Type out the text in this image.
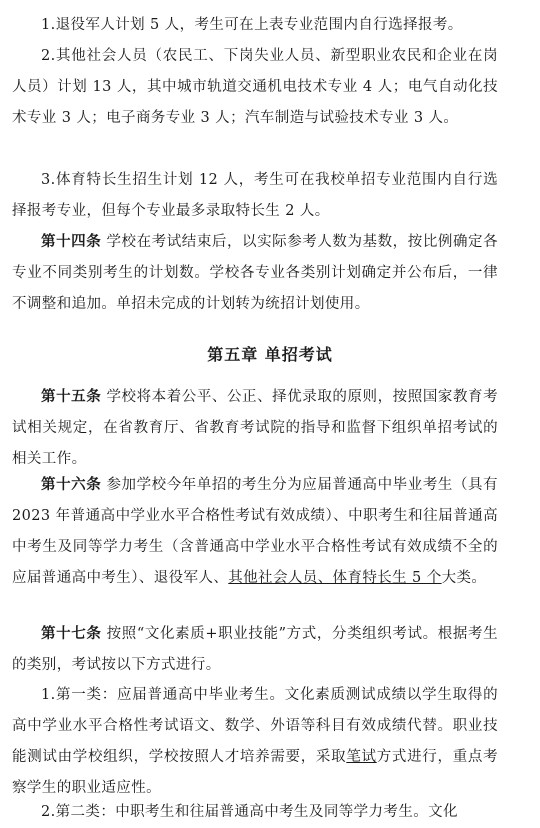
1.退役军人计划 5 人，考生可在上表专业范围内自行选择报考。

2.其他社会人员（农民工、下岗失业人员、新型职业农民和企业在岗人员）计划 13 人，其中城市轨道交通机电技术专业 4 人；电气自动化技术专业 3 人；电子商务专业 3 人；汽车制造与试验技术专业 3 人。

3.体育特长生招生计划 12 人，考生可在我校单招专业范围内自行选择报考专业，但每个专业最多录取特长生 2 人。

第十四条 学校在考试结束后，以实际参考人数为基数，按比例确定各专业不同类别考生的计划数。学校各专业各类别计划确定并公布后，一律不调整和追加。单招未完成的计划转为统招计划使用。

第五章 单招考试

第十五条 学校将本着公平、公正、择优录取的原则，按照国家教育考试相关规定，在省教育厅、省教育考试院的指导和监督下组织单招考试的相关工作。

第十六条 参加学校今年单招的考生分为应届普通高中毕业考生（具有 2023 年普通高中学业水平合格性考试有效成绩）、中职考生和往届普通高中考生及同等学力考生（含普通高中学业水平合格性考试有效成绩不全的应届普通高中考生）、退役军人、其他社会人员、体育特长生 5 个大类。

第十七条 按照“文化素质+职业技能”方式，分类组织考试。根据考生的类别，考试按以下方式进行。

1.第一类：应届普通高中毕业考生。文化素质测试成绩以学生取得的高中学业水平合格性考试语文、数学、外语等科目有效成绩代替。职业技能测试由学校组织，学校按照人才培养需要，采取笔试方式进行，重点考察学生的职业适应性。

2.第二类：中职考生和往届普通高中考生及同等学力考生。文化
